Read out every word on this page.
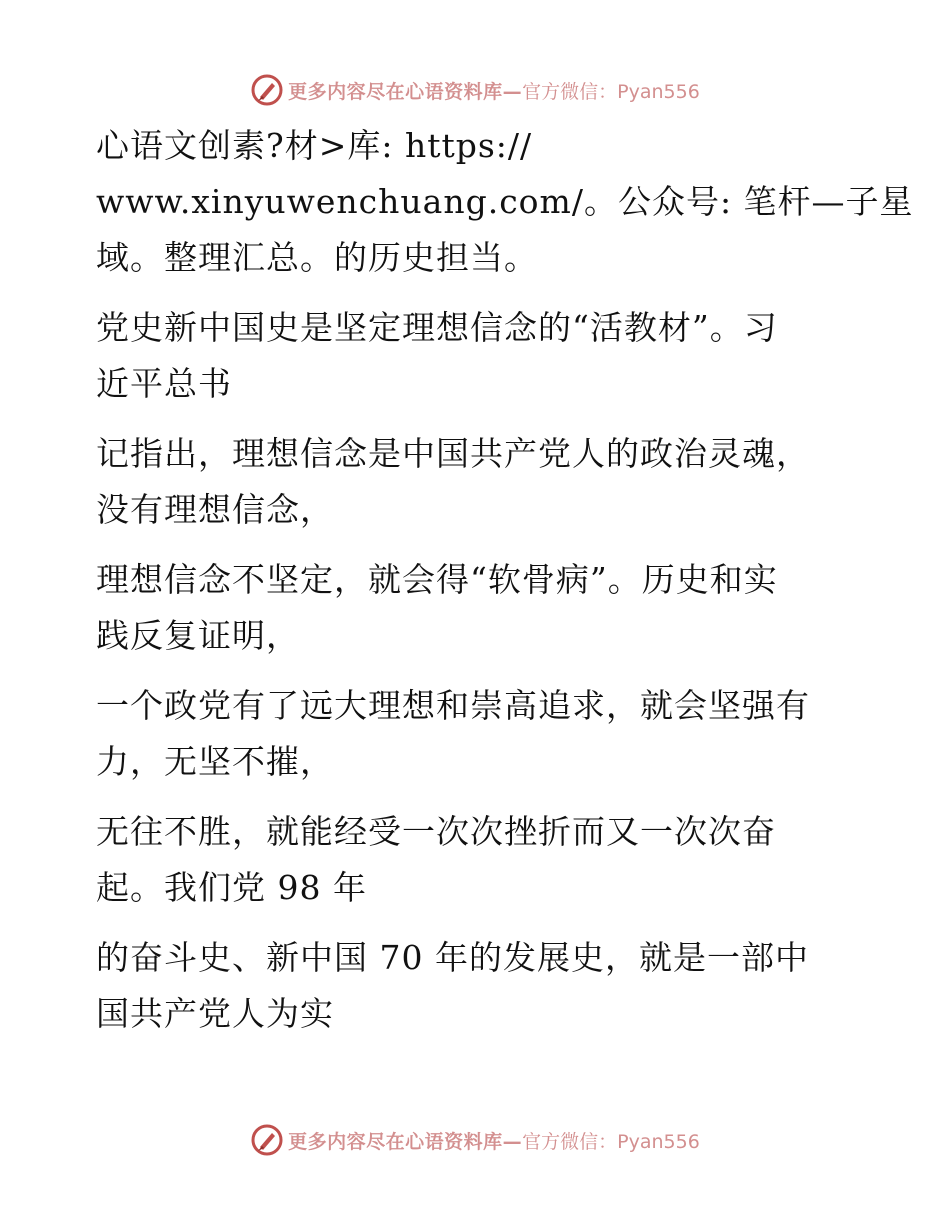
更多内容尽在心语资料库— 官方微信：Pyan556
心语文创素?材>库: https://
www.xinyuwenchuang.com/。公众号: 笔杆—子星
域。整理汇总。的历史担当。
党史新中国史是坚定理想信念的“活教材”。习
近平总书
记指出，理想信念是中国共产党人的政治灵魂，
没有理想信念，
理想信念不坚定，就会得“软骨病”。历史和实
践反复证明，
一个政党有了远大理想和崇高追求，就会坚强有
力，无坚不摧，
无往不胜，就能经受一次次挫折而又一次次奋
起。我们党 98 年
的奋斗史、新中国 70 年的发展史，就是一部中
国共产党人为实
更多内容尽在心语资料库— 官方微信：Pyan556
